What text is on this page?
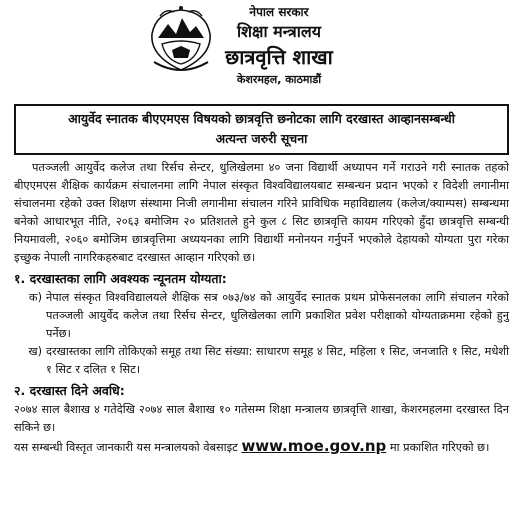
नेपाल सरकार
शिक्षा मन्त्रालय
छात्रवृत्ति शाखा
केशरमहल, काठमाडौं
आयुर्वेद स्नातक बीएएमएस विषयको छात्रवृत्ति छनोटका लागि दरखास्त आव्हानसम्बन्धी
अत्यन्त जरुरी सूचना

पतञ्जली आयुर्वेद कलेज तथा रिर्सच सेन्टर, धुलिखेलमा ४० जना विद्यार्थी अध्यापन गर्ने गराउने गरी स्नातक तहको बीएएमएस शैक्षिक कार्यक्रम संचालनमा लागि नेपाल संस्कृत विश्वविद्यालयबाट सम्बन्धन प्रदान भएको र विदेशी लगानीमा संचालनमा रहेको उक्त शिक्षण संस्थामा निजी लगानीमा संचालन गरिने प्राविधिक महाविद्यालय (कलेज/क्याम्पस) सम्बन्धमा बनेको आधारभूत नीति, २०६३ बमोजिम २० प्रतिशतले हुने कुल ८ सिट छात्रवृत्ति कायम गरिएको हुँदा छात्रवृत्ति सम्बन्धी नियमावली, २०६० बमोजिम छात्रवृत्तिमा अध्ययनका लागि विद्यार्थी मनोनयन गर्नुपर्ने भएकोले देहायको योग्यता पुरा गरेका इच्छुक नेपाली नागरिकहरुबाट दरखास्त आव्हान गरिएको छ।

१. दरखास्तका लागि अवश्यक न्यूनतम योग्यता:
क) नेपाल संस्कृत विश्वविद्यालयले शैक्षिक सत्र ०७३/७४ को आयुर्वेद स्नातक प्रथम प्रोफेसनलका लागि संचालन गरेको पतञ्जली आयुर्वेद कलेज तथा रिर्सच सेन्टर, धुलिखेलका लागि प्रकाशित प्रवेश परीक्षाको योग्यताक्रममा रहेको हुनु पर्नेछ।
ख) दरखास्तका लागि तोकिएको समूह तथा सिट संख्या: साधारण समूह ४ सिट, महिला १ सिट, जनजाति १ सिट, मधेशी १ सिट र दलित १ सिट।
२. दरखास्त दिने अवधि:

२०७४ साल बैशाख ४ गतेदेखि २०७४ साल बैशाख १० गतेसम्म शिक्षा मन्त्रालय छात्रवृत्ति शाखा, केशरमहलमा दरखास्त दिन सकिने छ।

यस सम्बन्धी विस्तृत जानकारी यस मन्त्रालयको वेबसाइट www.moe.gov.np मा प्रकाशित गरिएको छ।
